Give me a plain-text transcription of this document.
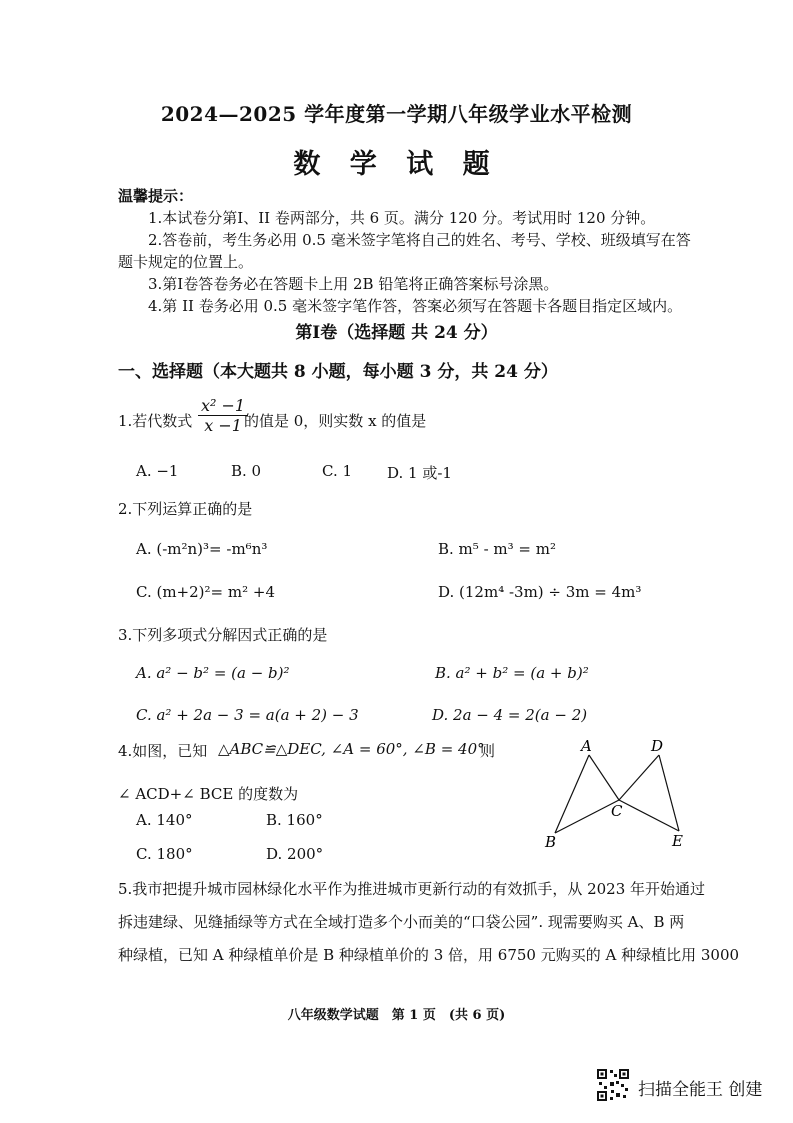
2024—2025 学年度第一学期八年级学业水平检测
数 学 试 题
温馨提示：
1.本试卷分第Ⅰ、II 卷两部分，共 6 页。满分 120 分。考试用时 120 分钟。
2.答卷前，考生务必用 0.5 毫米签字笔将自己的姓名、考号、学校、班级填写在答
题卡规定的位置上。
3.第Ⅰ卷答卷务必在答题卡上用 2B 铅笔将正确答案标号涂黑。
4.第 II 卷务必用 0.5 毫米签字笔作答，答案必须写在答题卡各题目指定区域内。
第Ⅰ卷（选择题 共 24 分）
一、选择题（本大题共 8 小题，每小题 3 分，共 24 分）
1.若代数式 $\frac{\text{x² −1}}{x -1}$
的值是 0，则实数 x 的值是
A. −1	B. 0	C. 1 D. 1 或-1
2.下列运算正确的是
A. (-m²n)³= -m⁶n³	B. m⁵ - m³ = m²
C. (m+2)²= m² +4	D. (12m⁴ -3m) ÷ 3m = 4m³
3.下列多项式分解因式正确的是
A. a² − b² = (a − b)²	B. a² + b² = (a + b)²
C. a² + 2a − 3 = a(a + 2) − 3	D. 2a − 4 = 2(a − 2)
4.如图，已知 △ABC≌△DEC, ∠A = 60°, ∠B = 40°
则
∠ ACD+∠ BCE 的度数为
A. 140°	B. 160°
C. 180°	D. 200°
A	D
C
B	E
5.我市把提升城市园林绿化水平作为推进城市更新行动的有效抓手，从 2023 年开始通过
拆违建绿、见缝插绿等方式在全域打造多个小而美的“口袋公园”. 现需要购买 A、B 两
种绿植，已知 A 种绿植单价是 B 种绿植单价的 3 倍，用 6750 元购买的 A 种绿植比用 3000
八年级数学试题　第 1 页　(共 6 页)
扫描全能王 创建
